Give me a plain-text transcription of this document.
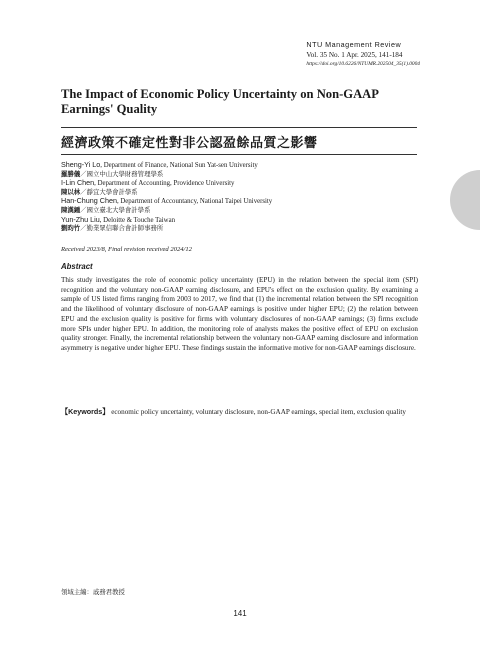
NTU Management Review
Vol. 35 No. 1 Apr. 2025, 141-184
https://doi.org/10.6226/NTUMR.202504_35(1).0004
The Impact of Economic Policy Uncertainty on Non-GAAP Earnings' Quality
經濟政策不確定性對非公認盈餘品質之影響
Sheng-Yi Lo, Department of Finance, National Sun Yat-sen University
羅勝儀／國立中山大學財務管理學系
I-Lin Chen, Department of Accounting, Providence University
陳以林／靜宜大學會計學系
Han-Chung Chen, Department of Accountancy, National Taipei University
陳漢鍾／國立臺北大學會計學系
Yun-Zhu Liu, Deloitte & Touche Taiwan
劉昀竹／勤業眾信聯合會計師事務所
Received 2023/8, Final revision received 2024/12
Abstract
This study investigates the role of economic policy uncertainty (EPU) in the relation between the special item (SPI) recognition and the voluntary non-GAAP earning disclosure, and EPU's effect on the exclusion quality. By examining a sample of US listed firms ranging from 2003 to 2017, we find that (1) the incremental relation between the SPI recognition and the likelihood of voluntary disclosure of non-GAAP earnings is positive under higher EPU; (2) the relation between EPU and the exclusion quality is positive for firms with voluntary disclosures of non-GAAP earnings; (3) firms exclude more SPIs under higher EPU. In addition, the monitoring role of analysts makes the positive effect of EPU on exclusion quality stronger. Finally, the incremental relationship between the voluntary non-GAAP earning disclosure and information asymmetry is negative under higher EPU. These findings sustain the informative motive for non-GAAP earnings disclosure.
【Keywords】 economic policy uncertainty, voluntary disclosure, non-GAAP earnings, special item, exclusion quality
領域主編：戚務君教授
141
